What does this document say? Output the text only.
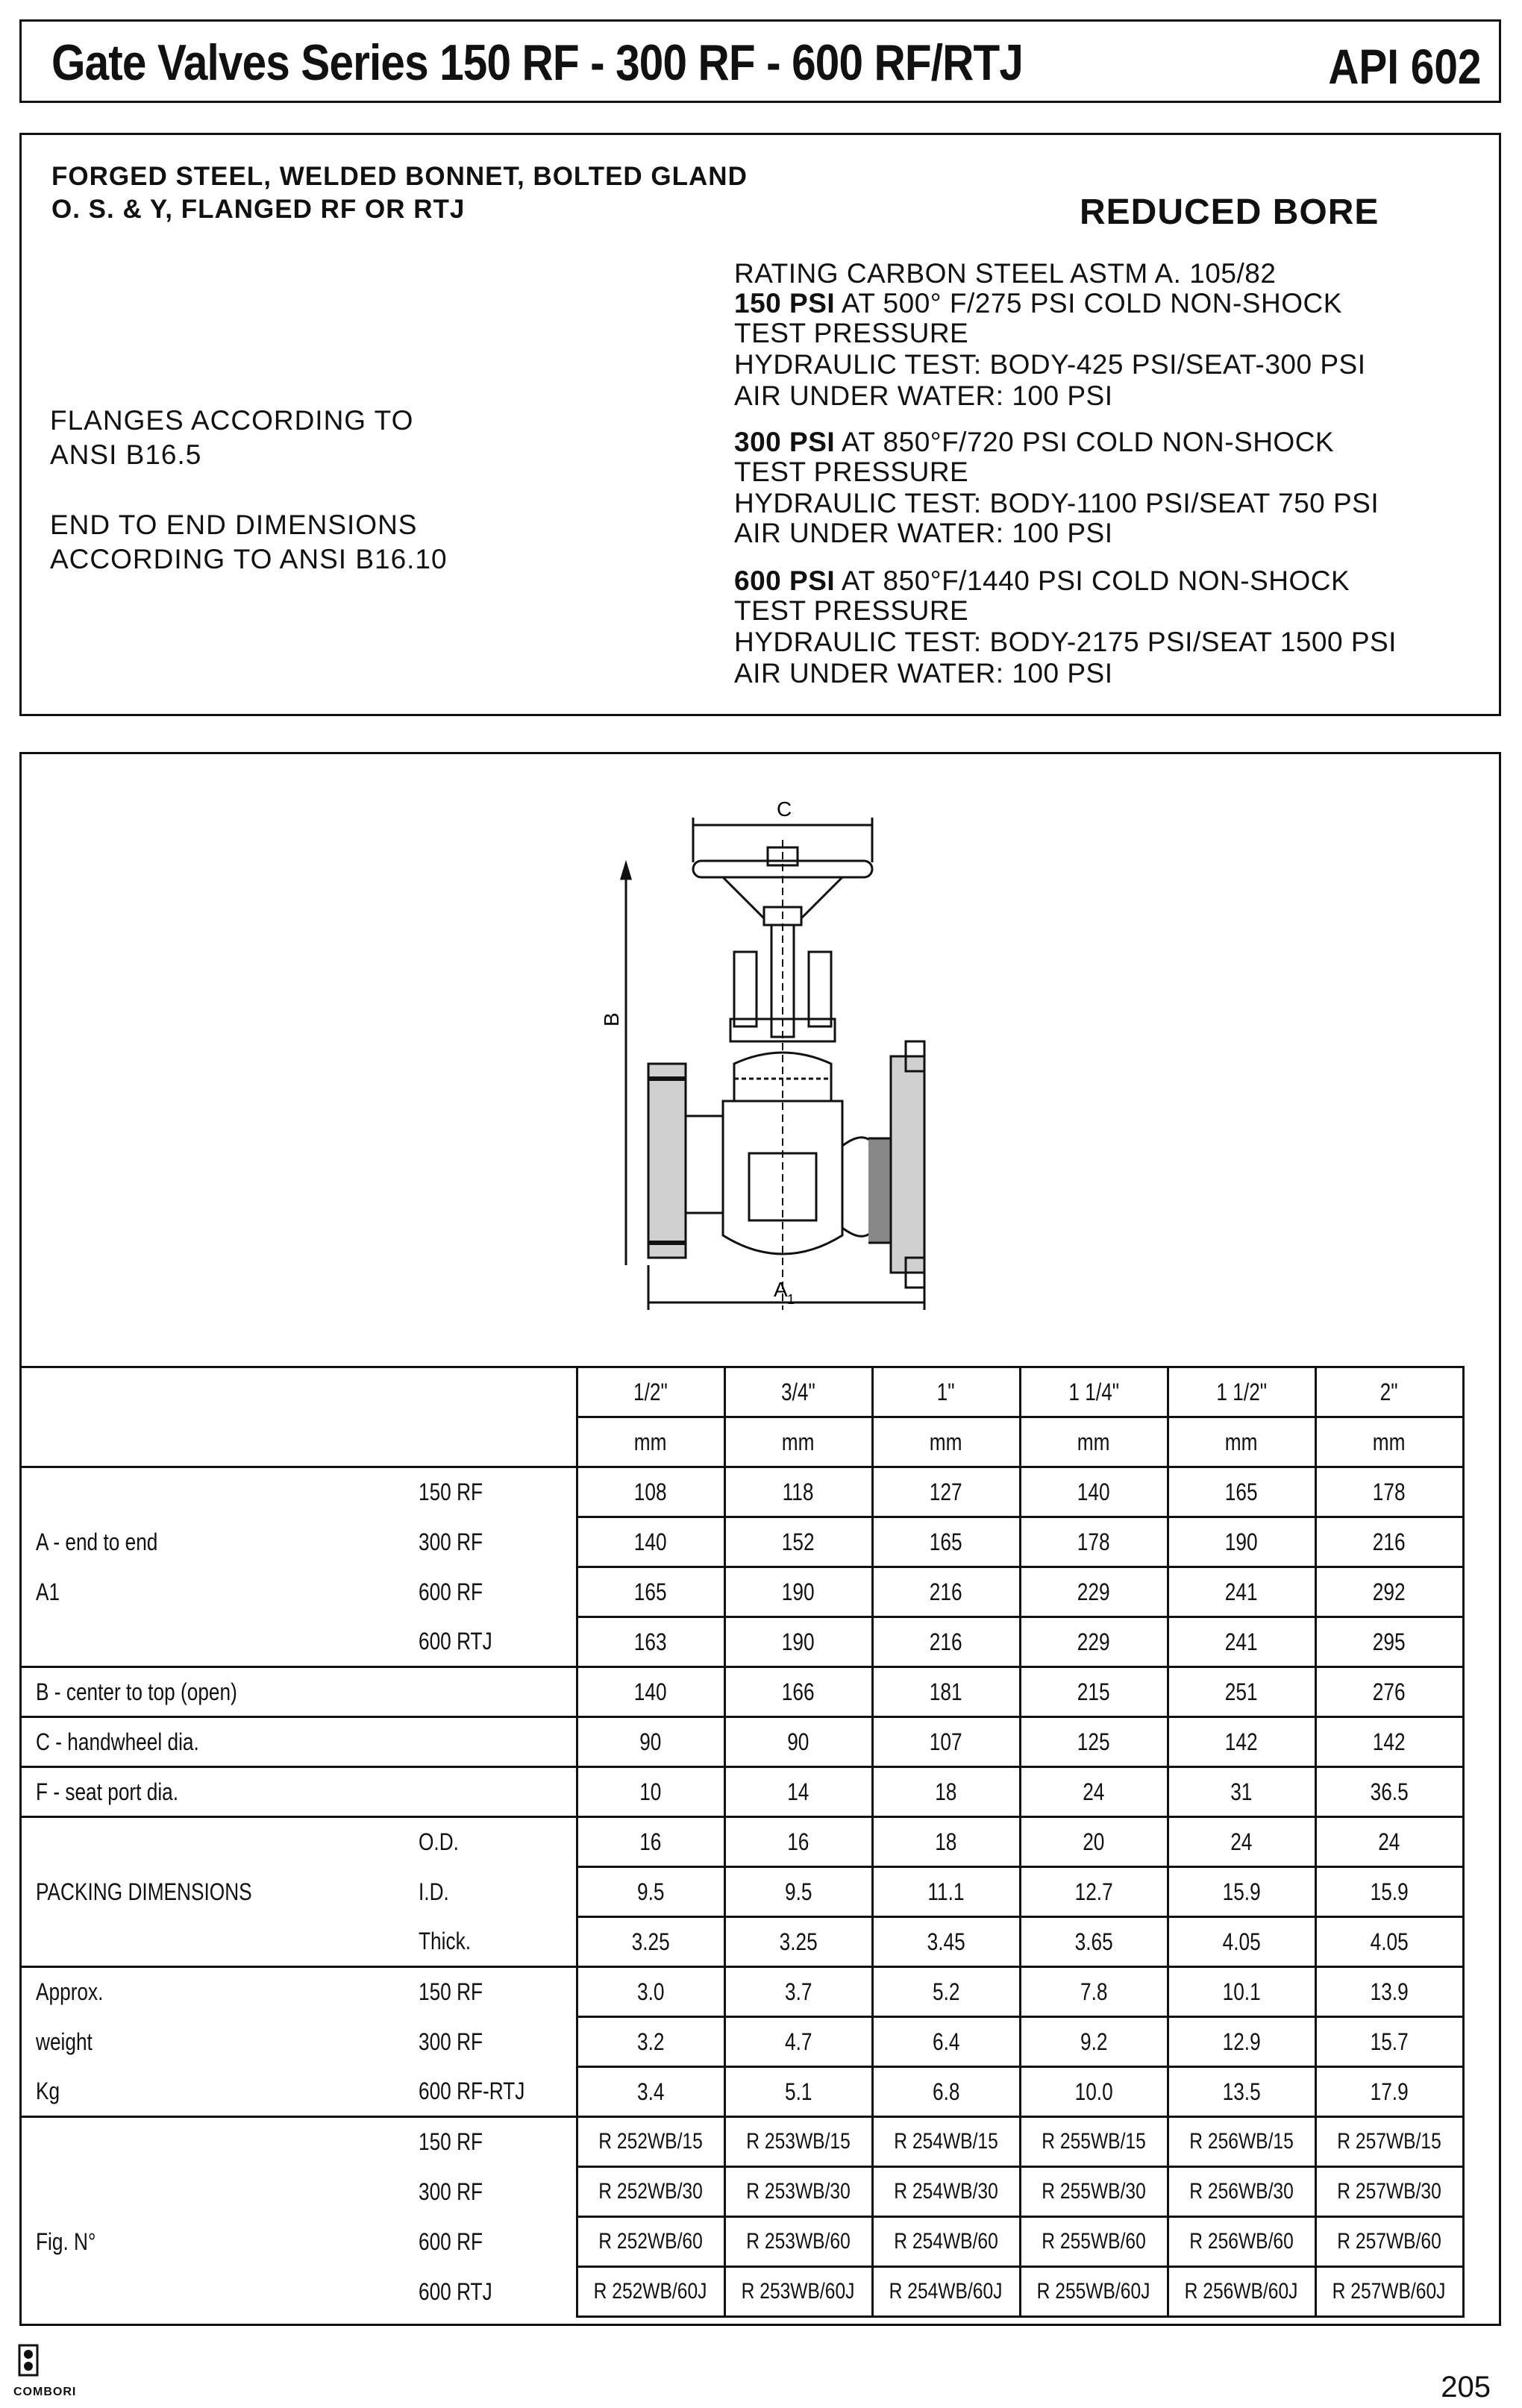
Gate Valves Series 150 RF - 300 RF - 600 RF/RTJ	API 602
FORGED STEEL, WELDED BONNET, BOLTED GLAND
O. S. & Y, FLANGED RF OR RTJ	REDUCED BORE
FLANGES ACCORDING TO
ANSI B16.5
END TO END DIMENSIONS
ACCORDING TO ANSI B16.10
RATING CARBON STEEL ASTM A. 105/82
150 PSI AT 500° F/275 PSI COLD NON-SHOCK
TEST PRESSURE
HYDRAULIC TEST: BODY-425 PSI/SEAT-300 PSI
AIR UNDER WATER: 100 PSI
300 PSI AT 850°F/720 PSI COLD NON-SHOCK
TEST PRESSURE
HYDRAULIC TEST: BODY-1100 PSI/SEAT 750 PSI
AIR UNDER WATER: 100 PSI
600 PSI AT 850°F/1440 PSI COLD NON-SHOCK
TEST PRESSURE
HYDRAULIC TEST: BODY-2175 PSI/SEAT 1500 PSI
AIR UNDER WATER: 100 PSI
C
B
A 1
		1/2"	3/4"	1"	1 1/4"	1 1/2"	2"
		mm	mm	mm	mm	mm	mm
	150 RF	108	118	127	140	165	178
A - end to end	300 RF	140	152	165	178	190	216
A1	600 RF	165	190	216	229	241	292
	600 RTJ	163	190	216	229	241	295
B - center to top (open)		140	166	181	215	251	276
C - handwheel dia.		90	90	107	125	142	142
F - seat port dia.		10	14	18	24	31	36.5
	O.D.	16	16	18	20	24	24
PACKING DIMENSIONS	I.D.	9.5	9.5	11.1	12.7	15.9	15.9
	Thick.	3.25	3.25	3.45	3.65	4.05	4.05
Approx.	150 RF	3.0	3.7	5.2	7.8	10.1	13.9
weight	300 RF	3.2	4.7	6.4	9.2	12.9	15.7
Kg	600 RF-RTJ	3.4	5.1	6.8	10.0	13.5	17.9
	150 RF	R 252WB/15	R 253WB/15	R 254WB/15	R 255WB/15	R 256WB/15	R 257WB/15
	300 RF	R 252WB/30	R 253WB/30	R 254WB/30	R 255WB/30	R 256WB/30	R 257WB/30
Fig. N°	600 RF	R 252WB/60	R 253WB/60	R 254WB/60	R 255WB/60	R 256WB/60	R 257WB/60
	600 RTJ	R 252WB/60J	R 253WB/60J	R 254WB/60J	R 255WB/60J	R 256WB/60J	R 257WB/60J
COMBORI	205
